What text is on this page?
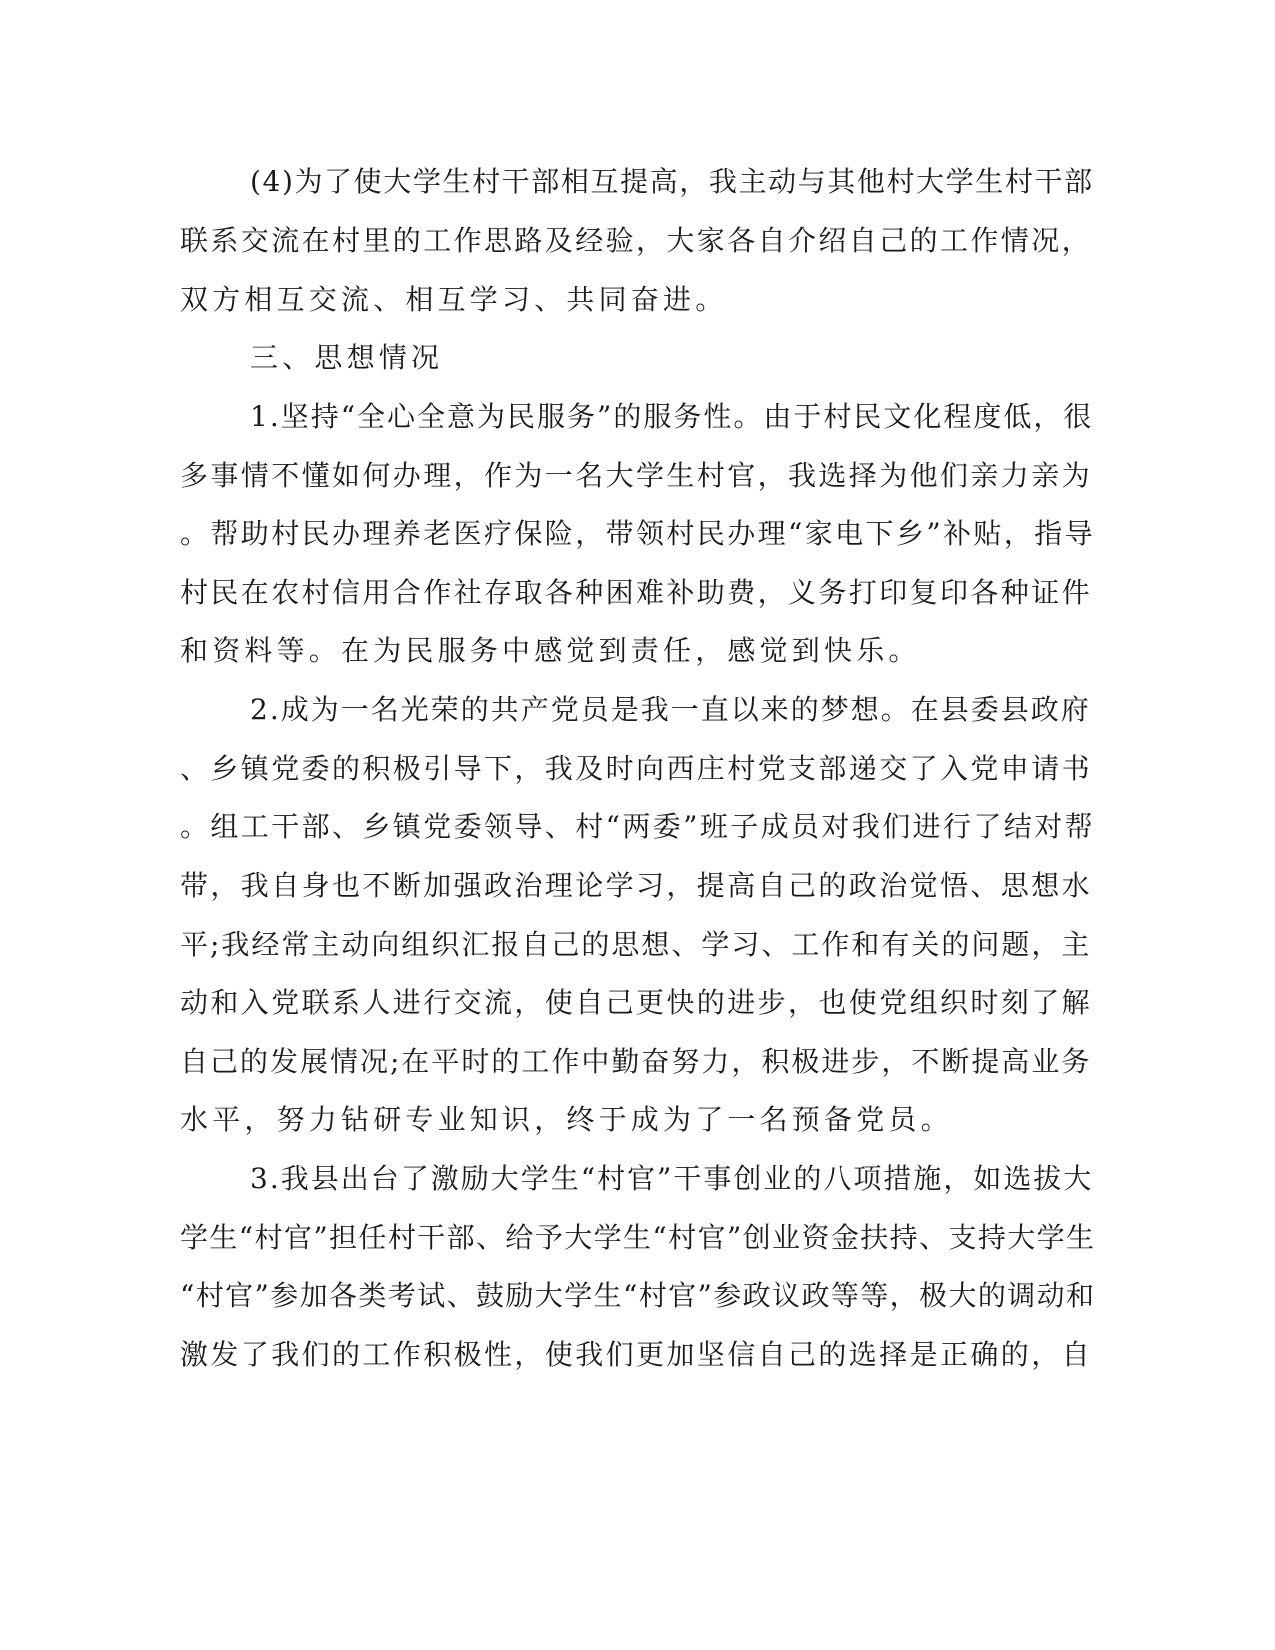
(4)为了使大学生村干部相互提高，我主动与其他村大学生村干部
联系交流在村里的工作思路及经验，大家各自介绍自己的工作情况，
双方相互交流、相互学习、共同奋进。
三、思想情况
1.坚持“全心全意为民服务”的服务性。由于村民文化程度低，很
多事情不懂如何办理，作为一名大学生村官，我选择为他们亲力亲为
。帮助村民办理养老医疗保险，带领村民办理“家电下乡”补贴，指导
村民在农村信用合作社存取各种困难补助费，义务打印复印各种证件
和资料等。在为民服务中感觉到责任，感觉到快乐。
2.成为一名光荣的共产党员是我一直以来的梦想。在县委县政府
、乡镇党委的积极引导下，我及时向西庄村党支部递交了入党申请书
。组工干部、乡镇党委领导、村“两委”班子成员对我们进行了结对帮
带，我自身也不断加强政治理论学习，提高自己的政治觉悟、思想水
平;我经常主动向组织汇报自己的思想、学习、工作和有关的问题，主
动和入党联系人进行交流，使自己更快的进步，也使党组织时刻了解
自己的发展情况;在平时的工作中勤奋努力，积极进步，不断提高业务
水平，努力钻研专业知识，终于成为了一名预备党员。
3.我县出台了激励大学生“村官”干事创业的八项措施，如选拔大
学生“村官”担任村干部、给予大学生“村官”创业资金扶持、支持大学生
“村官”参加各类考试、鼓励大学生“村官”参政议政等等，极大的调动和
激发了我们的工作积极性，使我们更加坚信自己的选择是正确的，自
